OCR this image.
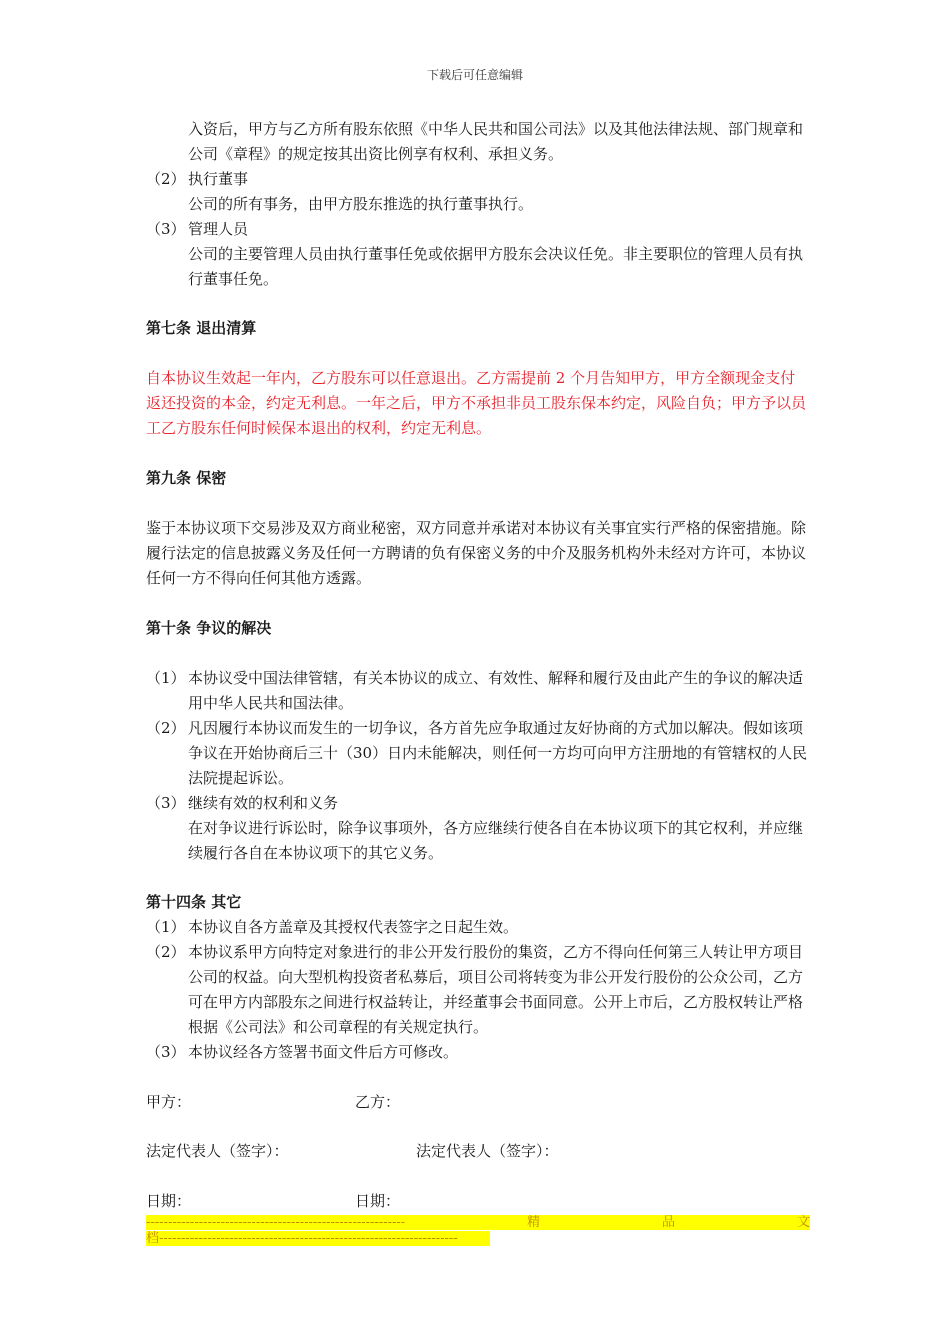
下载后可任意编辑
入资后，甲方与乙方所有股东依照《中华人民共和国公司法》以及其他法律法规、部门规章和公司《章程》的规定按其出资比例享有权利、承担义务。
（2） 执行董事
公司的所有事务，由甲方股东推选的执行董事执行。
（3） 管理人员
公司的主要管理人员由执行董事任免或依据甲方股东会决议任免。非主要职位的管理人员有执行董事任免。
第七条 退出清算
自本协议生效起一年内，乙方股东可以任意退出。乙方需提前 2 个月告知甲方，甲方全额现金支付返还投资的本金，约定无利息。一年之后，甲方不承担非员工股东保本约定，风险自负；甲方予以员工乙方股东任何时候保本退出的权利，约定无利息。
第九条 保密
鉴于本协议项下交易涉及双方商业秘密，双方同意并承诺对本协议有关事宜实行严格的保密措施。除履行法定的信息披露义务及任何一方聘请的负有保密义务的中介及服务机构外未经对方许可，本协议任何一方不得向任何其他方透露。
第十条 争议的解决
（1） 本协议受中国法律管辖，有关本协议的成立、有效性、解释和履行及由此产生的争议的解决适用中华人民共和国法律。
（2） 凡因履行本协议而发生的一切争议，各方首先应争取通过友好协商的方式加以解决。假如该项争议在开始协商后三十（30）日内未能解决，则任何一方均可向甲方注册地的有管辖权的人民法院提起诉讼。
（3） 继续有效的权利和义务
在对争议进行诉讼时，除争议事项外，各方应继续行使各自在本协议项下的其它权利，并应继续履行各自在本协议项下的其它义务。
第十四条 其它
（1） 本协议自各方盖章及其授权代表签字之日起生效。
（2） 本协议系甲方向特定对象进行的非公开发行股份的集资，乙方不得向任何第三人转让甲方项目公司的权益。向大型机构投资者私募后，项目公司将转变为非公开发行股份的公众公司，乙方可在甲方内部股东之间进行权益转让，并经董事会书面同意。公开上市后，乙方股权转让严格根据《公司法》和公司章程的有关规定执行。
（3） 本协议经各方签署书面文件后方可修改。
甲方：	乙方：
法定代表人（签字）：	法定代表人（签字）：
日期：	日期：
-----------------------------------------------------------	精	品	文
档--------------------------------------------------------------------
